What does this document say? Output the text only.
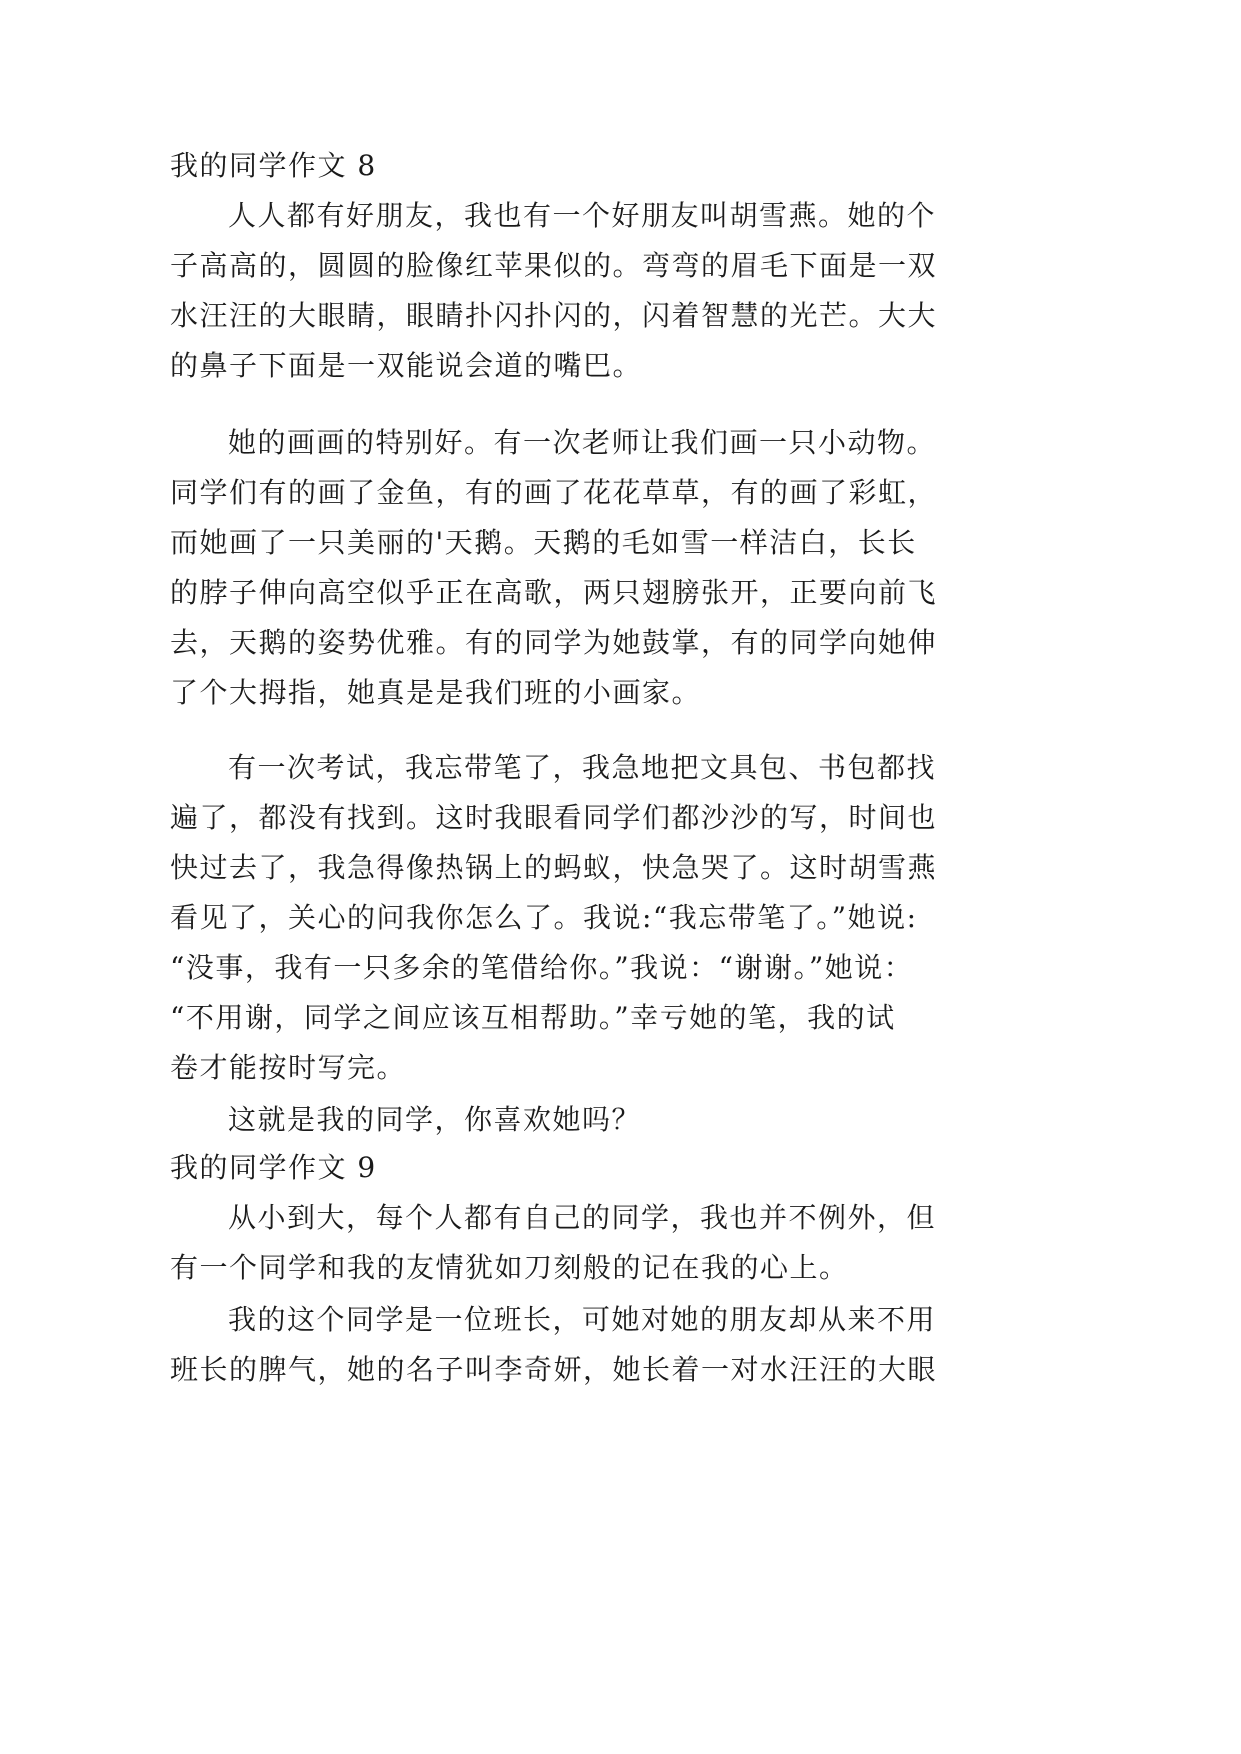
我的同学作文 8
人人都有好朋友，我也有一个好朋友叫胡雪燕。她的个
子高高的，圆圆的脸像红苹果似的。弯弯的眉毛下面是一双
水汪汪的大眼睛，眼睛扑闪扑闪的，闪着智慧的光芒。大大
的鼻子下面是一双能说会道的嘴巴。
她的画画的特别好。有一次老师让我们画一只小动物。
同学们有的画了金鱼，有的画了花花草草，有的画了彩虹，
而她画了一只美丽的'天鹅。天鹅的毛如雪一样洁白，长长
的脖子伸向高空似乎正在高歌，两只翅膀张开，正要向前飞
去，天鹅的姿势优雅。有的同学为她鼓掌，有的同学向她伸
了个大拇指，她真是是我们班的小画家。
有一次考试，我忘带笔了，我急地把文具包、书包都找
遍了，都没有找到。这时我眼看同学们都沙沙的写，时间也
快过去了，我急得像热锅上的蚂蚁，快急哭了。这时胡雪燕
看见了，关心的问我你怎么了。我说:“我忘带笔了。”她说:
“没事，我有一只多余的笔借给你。”我说：“谢谢。”她说：
“不用谢，同学之间应该互相帮助。”幸亏她的笔，我的试
卷才能按时写完。
这就是我的同学，你喜欢她吗？
我的同学作文 9
从小到大，每个人都有自己的同学，我也并不例外，但
有一个同学和我的友情犹如刀刻般的记在我的心上。
我的这个同学是一位班长，可她对她的朋友却从来不用
班长的脾气，她的名子叫李奇妍，她长着一对水汪汪的大眼
